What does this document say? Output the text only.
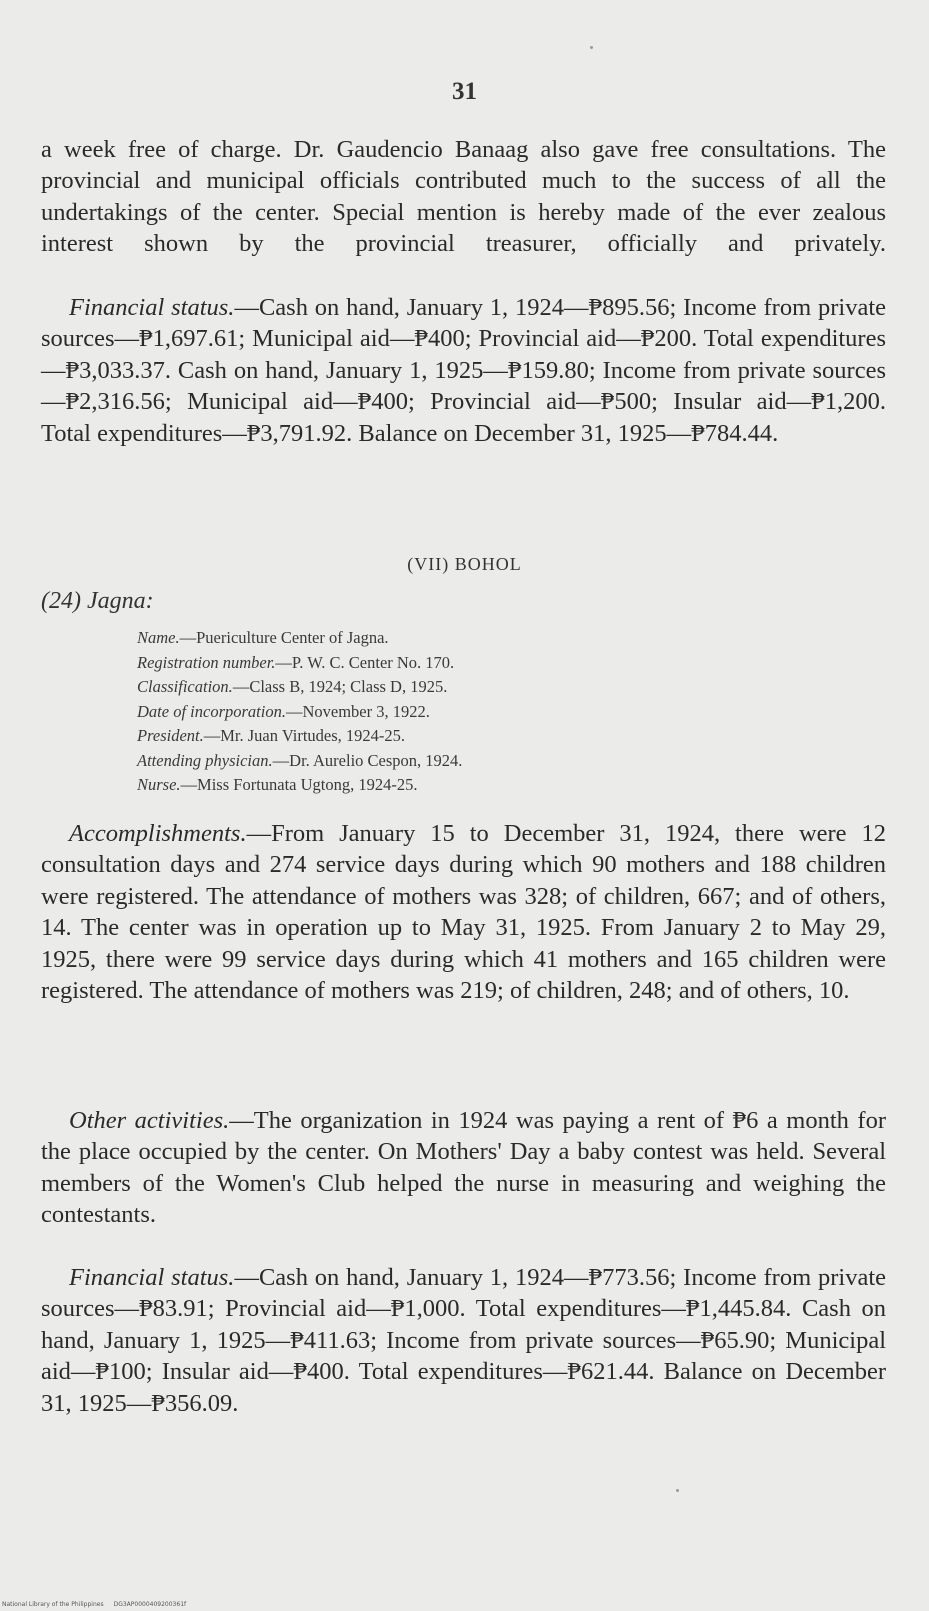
31

a week free of charge. Dr. Gaudencio Banaag also gave free consultations. The provincial and municipal officials contributed much to the success of all the undertakings of the center. Special mention is hereby made of the ever zealous interest shown by the provincial treasurer, officially and privately.

Financial status.—Cash on hand, January 1, 1924—₱895.56; Income from private sources—₱1,697.61; Municipal aid—₱400; Provincial aid—₱200. Total expenditures—₱3,033.37. Cash on hand, January 1, 1925—₱159.80; Income from private sources—₱2,316.56; Municipal aid—₱400; Provincial aid—₱500; Insular aid—₱1,200. Total expenditures—₱3,791.92. Balance on December 31, 1925—₱784.44.

(VII) BOHOL
(24) Jagna:
Name.—Puericulture Center of Jagna.
Registration number.—P. W. C. Center No. 170.
Classification.—Class B, 1924; Class D, 1925.
Date of incorporation.—November 3, 1922.
President.—Mr. Juan Virtudes, 1924-25.
Attending physician.—Dr. Aurelio Cespon, 1924.
Nurse.—Miss Fortunata Ugtong, 1924-25.

Accomplishments.—From January 15 to December 31, 1924, there were 12 consultation days and 274 service days during which 90 mothers and 188 children were registered. The attendance of mothers was 328; of children, 667; and of others, 14. The center was in operation up to May 31, 1925. From January 2 to May 29, 1925, there were 99 service days during which 41 mothers and 165 children were registered. The attendance of mothers was 219; of children, 248; and of others, 10.

Other activities.—The organization in 1924 was paying a rent of ₱6 a month for the place occupied by the center. On Mothers' Day a baby contest was held. Several members of the Women's Club helped the nurse in measuring and weighing the contestants.

Financial status.—Cash on hand, January 1, 1924—₱773.56; Income from private sources—₱83.91; Provincial aid—₱1,000. Total expenditures—₱1,445.84. Cash on hand, January 1, 1925—₱411.63; Income from private sources—₱65.90; Municipal aid—₱100; Insular aid—₱400. Total expenditures—₱621.44. Balance on December 31, 1925—₱356.09.

National Library of the Philippines DG3AP0000409200361f
